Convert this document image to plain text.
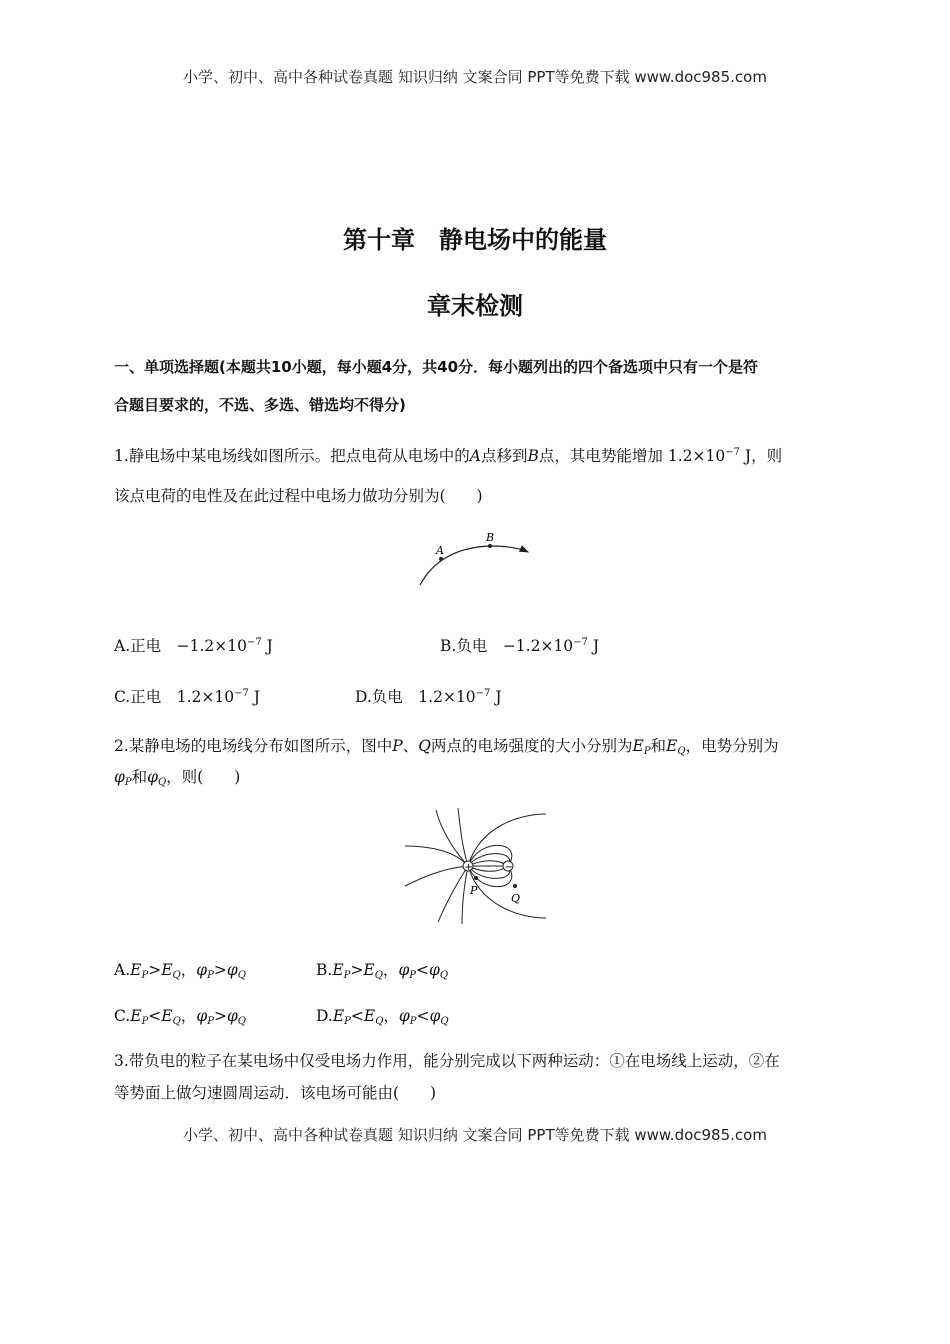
小学、初中、高中各种试卷真题 知识归纳 文案合同 PPT等免费下载 www.doc985.com
第十章　静电场中的能量
章末检测
一、单项选择题(本题共10小题，每小题4分，共40分．每小题列出的四个备选项中只有一个是符
合题目要求的，不选、多选、错选均不得分)
1.静电场中某电场线如图所示。把点电荷从电场中的A点移到B点，其电势能增加 $1.2\times 10^{-7}$ J，则
该点电荷的电性及在此过程中电场力做功分别为(　　)
A
B
A.正电　$-1.2\times 10^{-7}$ J	B.负电　$-1.2\times 10^{-7}$ J
C.正电　$1.2\times 10^{-7}$ J	D.负电　$1.2\times 10^{-7}$ J
2.某静电场的电场线分布如图所示，图中P、Q两点的电场强度的大小分别为$E_P$和$E_Q$，电势分别为
$\varphi_P$和$\varphi_Q$，则(　　)
+	−
P
Q
$A.E_P>E_Q$，$\varphi_P>\varphi_Q$	$B.E_P>E_Q$，$\varphi_P<\varphi_Q$
$C.E_P<E_Q$，$\varphi_P>\varphi_Q$	$D.E_P<E_Q$，$\varphi_P<\varphi_Q$
3.带负电的粒子在某电场中仅受电场力作用，能分别完成以下两种运动：①在电场线上运动，②在
等势面上做匀速圆周运动．该电场可能由(　　)
小学、初中、高中各种试卷真题 知识归纳 文案合同 PPT等免费下载 www.doc985.com
